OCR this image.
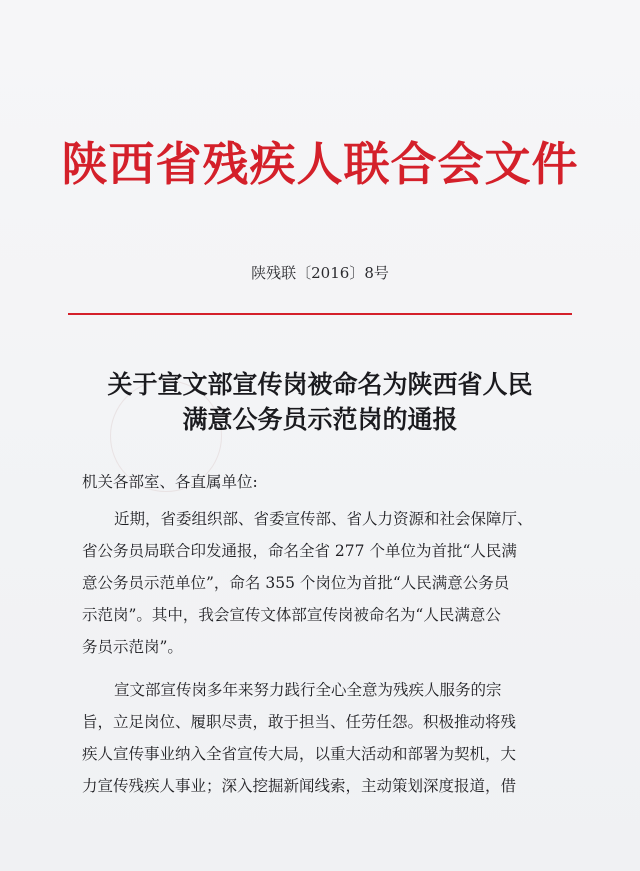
陕西省残疾人联合会文件
陕残联〔2016〕8号
关于宣文部宣传岗被命名为陕西省人民
满意公务员示范岗的通报
机关各部室、各直属单位:
近期，省委组织部、省委宣传部、省人力资源和社会保障厅、
省公务员局联合印发通报，命名全省 277 个单位为首批“人民满
意公务员示范单位”，命名 355 个岗位为首批“人民满意公务员
示范岗”。其中，我会宣传文体部宣传岗被命名为“人民满意公
务员示范岗”。
宣文部宣传岗多年来努力践行全心全意为残疾人服务的宗
旨，立足岗位、履职尽责，敢于担当、任劳任怨。积极推动将残
疾人宣传事业纳入全省宣传大局，以重大活动和部署为契机，大
力宣传残疾人事业；深入挖掘新闻线索，主动策划深度报道，借
